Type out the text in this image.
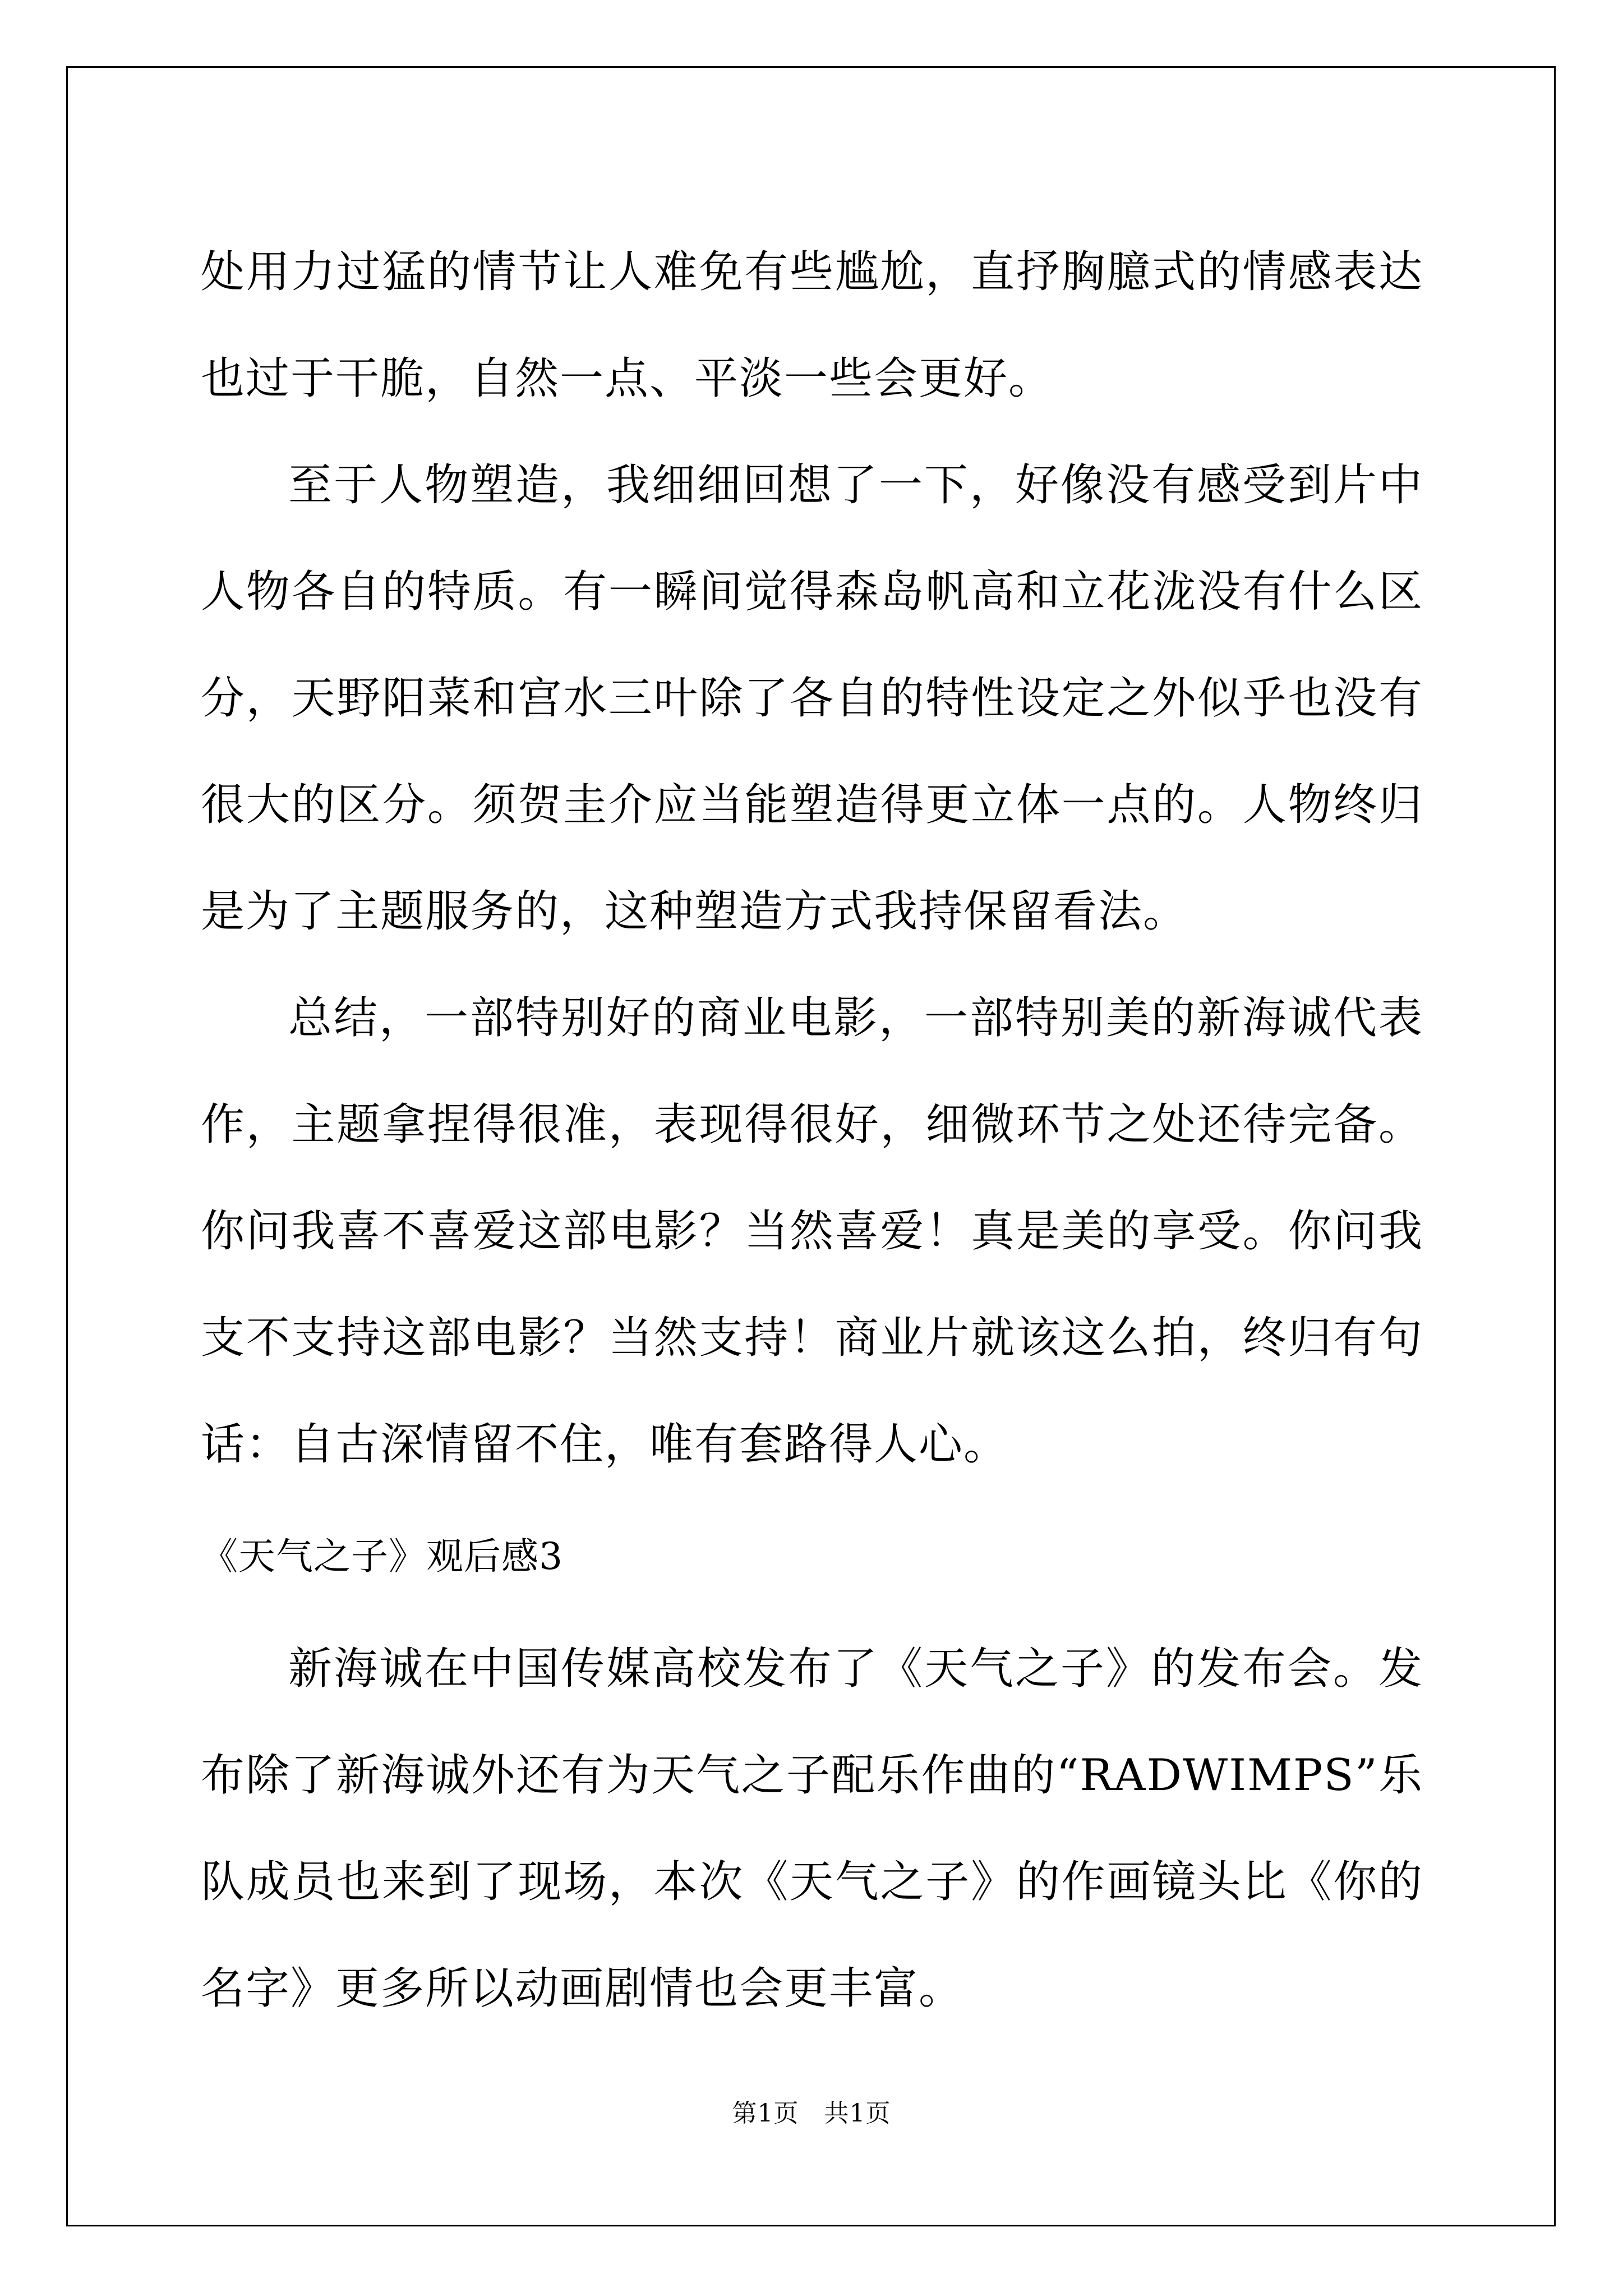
处用力过猛的情节让人难免有些尴尬，直抒胸臆式的情感表达也过于干脆，自然一点、平淡一些会更好。

至于人物塑造，我细细回想了一下，好像没有感受到片中人物各自的特质。有一瞬间觉得森岛帆高和立花泷没有什么区分，天野阳菜和宫水三叶除了各自的特性设定之外似乎也没有很大的区分。须贺圭介应当能塑造得更立体一点的。人物终归是为了主题服务的，这种塑造方式我持保留看法。

总结，一部特别好的商业电影，一部特别美的新海诚代表作，主题拿捏得很准，表现得很好，细微环节之处还待完备。你问我喜不喜爱这部电影？当然喜爱！真是美的享受。你问我支不支持这部电影？当然支持！商业片就该这么拍，终归有句话：自古深情留不住，唯有套路得人心。

《天气之子》观后感3

新海诚在中国传媒高校发布了《天气之子》的发布会。发布除了新海诚外还有为天气之子配乐作曲的“RADWIMPS”乐队成员也来到了现场，本次《天气之子》的作画镜头比《你的名字》更多所以动画剧情也会更丰富。

第1页　共1页
